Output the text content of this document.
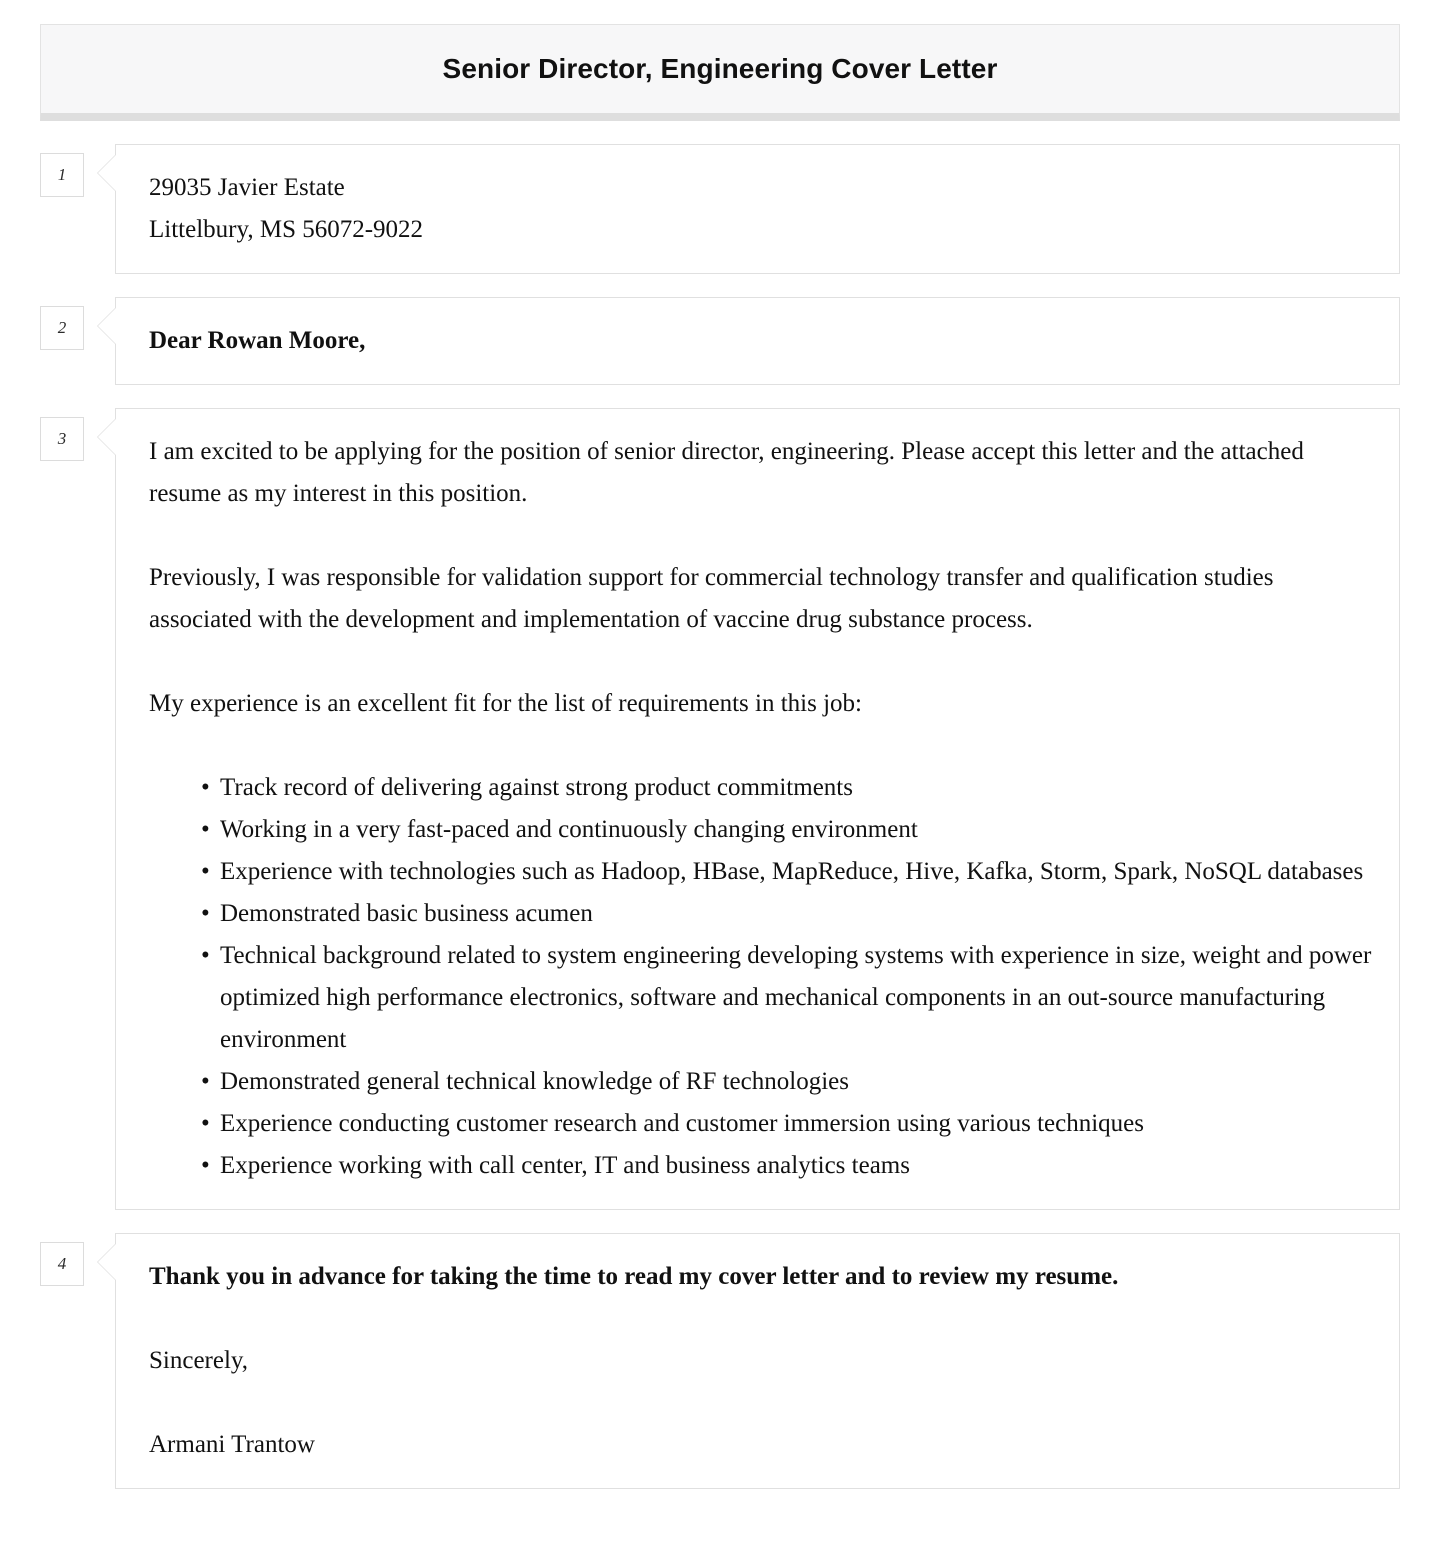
Senior Director, Engineering Cover Letter
1	29035 Javier Estate
Littelbury, MS 56072-9022
2	Dear Rowan Moore,
3	I am excited to be applying for the position of senior director, engineering. Please accept this letter and the attached resume as my interest in this position.

Previously, I was responsible for validation support for commercial technology transfer and qualification studies associated with the development and implementation of vaccine drug substance process.

My experience is an excellent fit for the list of requirements in this job:

• Track record of delivering against strong product commitments
• Working in a very fast-paced and continuously changing environment
• Experience with technologies such as Hadoop, HBase, MapReduce, Hive, Kafka, Storm, Spark, NoSQL databases
• Demonstrated basic business acumen
• Technical background related to system engineering developing systems with experience in size, weight and power optimized high performance electronics, software and mechanical components in an out-source manufacturing environment
• Demonstrated general technical knowledge of RF technologies
• Experience conducting customer research and customer immersion using various techniques
• Experience working with call center, IT and business analytics teams
4	Thank you in advance for taking the time to read my cover letter and to review my resume.
Sincerely,
Armani Trantow
